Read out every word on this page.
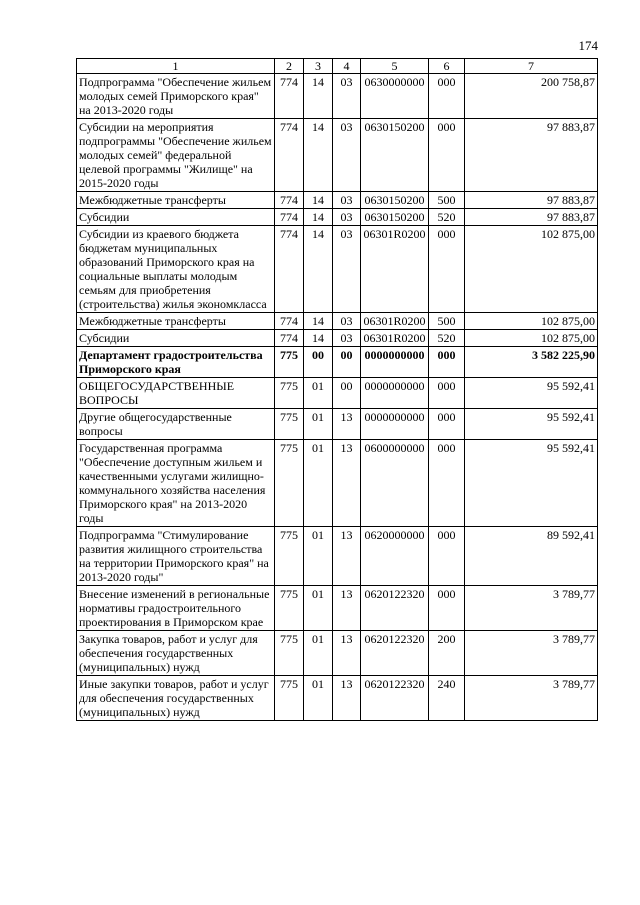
174
1	2	3	4	5	6	7
Подпрограмма "Обеспечение жильем молодых семей Приморского края" на 2013-2020 годы	774	14	03	0630000000	000	200 758,87
Субсидии на мероприятия подпрограммы "Обеспечение жильем молодых семей" федеральной целевой программы "Жилище" на 2015-2020 годы	774	14	03	0630150200	000	97 883,87
Межбюджетные трансферты	774	14	03	0630150200	500	97 883,87
Субсидии	774	14	03	0630150200	520	97 883,87
Субсидии из краевого бюджета бюджетам муниципальных образований Приморского края на социальные выплаты молодым семьям для приобретения (строительства) жилья экономкласса	774	14	03	06301R0200	000	102 875,00
Межбюджетные трансферты	774	14	03	06301R0200	500	102 875,00
Субсидии	774	14	03	06301R0200	520	102 875,00
Департамент градостроительства Приморского края	775	00	00	0000000000	000	3 582 225,90
ОБЩЕГОСУДАРСТВЕННЫЕ ВОПРОСЫ	775	01	00	0000000000	000	95 592,41
Другие общегосударственные вопросы	775	01	13	0000000000	000	95 592,41
Государственная программа "Обеспечение доступным жильем и качественными услугами жилищно-коммунального хозяйства населения Приморского края" на 2013-2020 годы	775	01	13	0600000000	000	95 592,41
Подпрограмма "Стимулирование развития жилищного строительства на территории Приморского края" на 2013-2020 годы"	775	01	13	0620000000	000	89 592,41
Внесение изменений в региональные нормативы градостроительного проектирования в Приморском крае	775	01	13	0620122320	000	3 789,77
Закупка товаров, работ и услуг для обеспечения государственных (муниципальных) нужд	775	01	13	0620122320	200	3 789,77
Иные закупки товаров, работ и услуг для обеспечения государственных (муниципальных) нужд	775	01	13	0620122320	240	3 789,77
